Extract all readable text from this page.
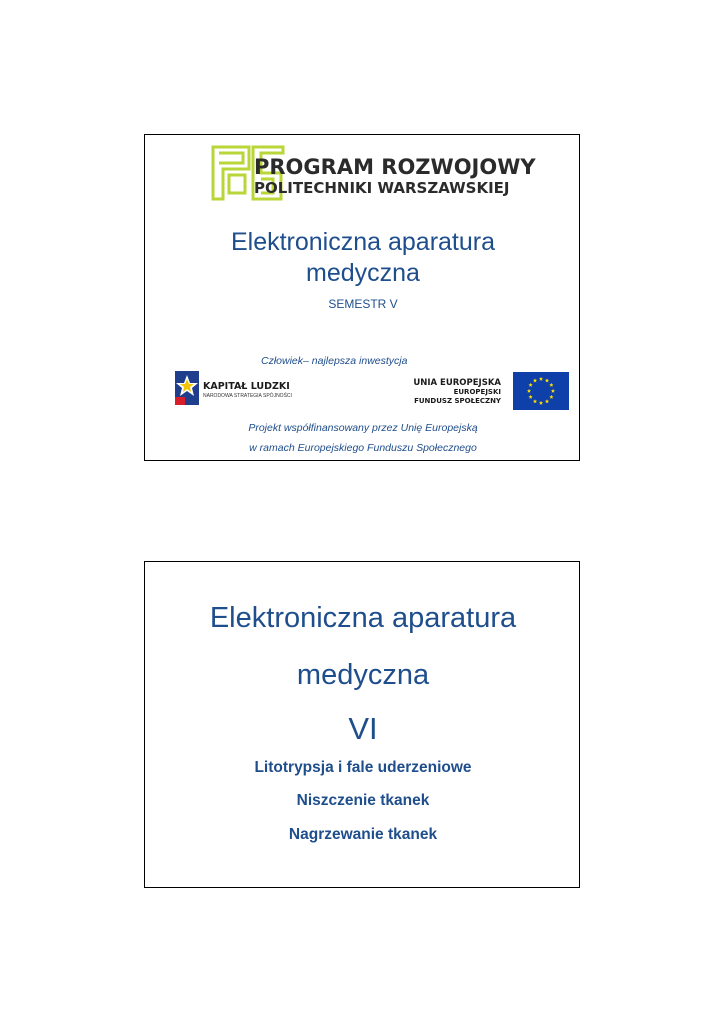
PROGRAM ROZWOJOWY
POLITECHNIKI WARSZAWSKIEJ
Elektroniczna aparatura
medyczna
SEMESTR V
Człowiek– najlepsza inwestycja
KAPITAŁ LUDZKI
NARODOWA STRATEGIA SPÓJNOŚCI
UNIA EUROPEJSKA
EUROPEJSKI
FUNDUSZ SPOŁECZNY
Projekt współfinansowany przez Unię Europejską
w ramach Europejskiego Funduszu Społecznego
Elektroniczna aparatura
medyczna
VI
Litotrypsja i fale uderzeniowe
Niszczenie tkanek
Nagrzewanie tkanek
